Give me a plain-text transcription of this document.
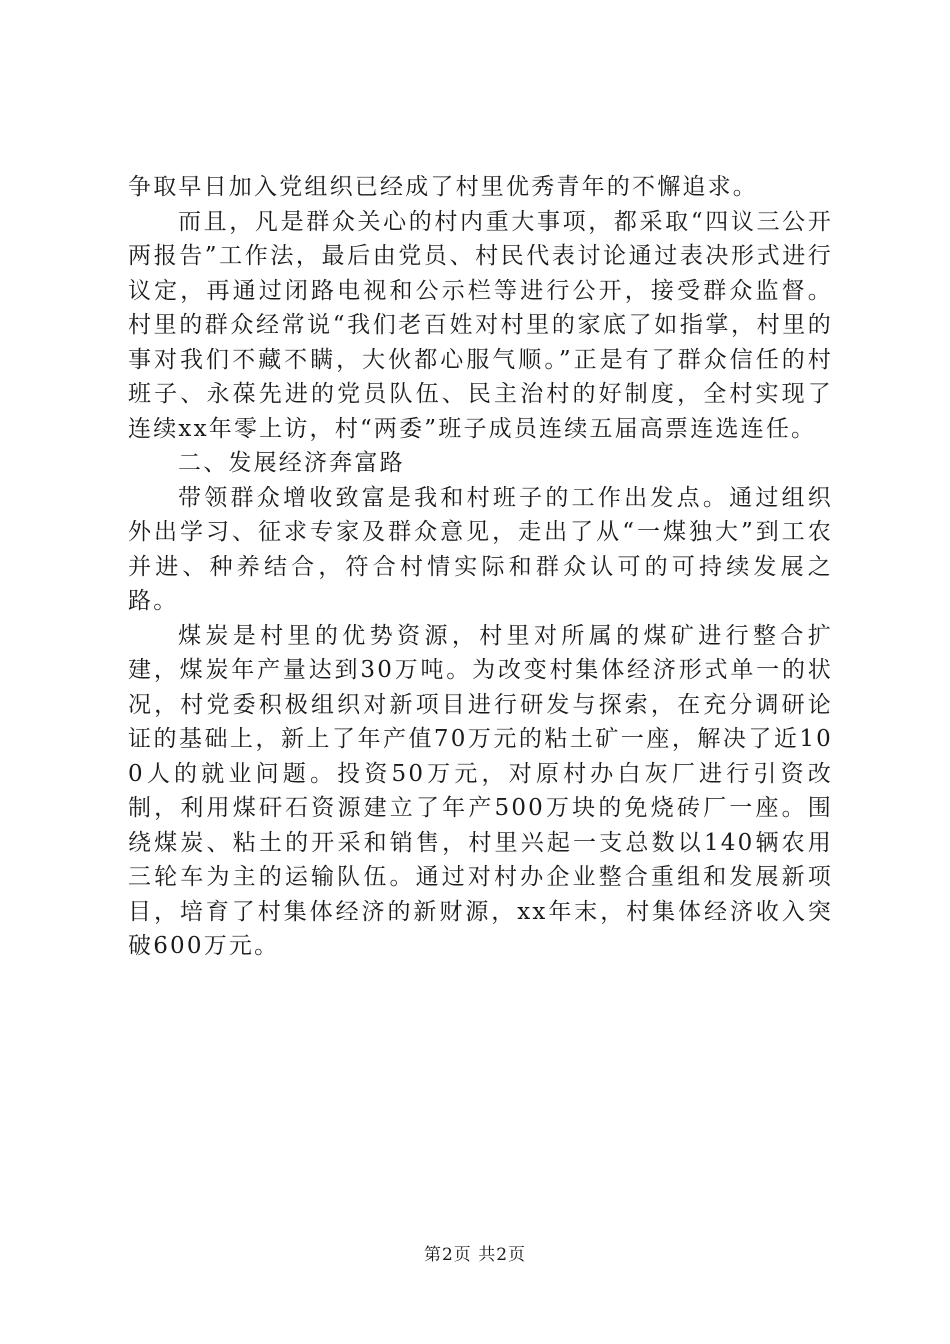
争取早日加入党组织已经成了村里优秀青年的不懈追求。

而且，凡是群众关心的村内重大事项，都采取“四议三公开两报告”工作法，最后由党员、村民代表讨论通过表决形式进行议定，再通过闭路电视和公示栏等进行公开，接受群众监督。村里的群众经常说“我们老百姓对村里的家底了如指掌，村里的事对我们不藏不瞒，大伙都心服气顺。”正是有了群众信任的村班子、永葆先进的党员队伍、民主治村的好制度，全村实现了连续xx年零上访，村“两委”班子成员连续五届高票连选连任。

二、发展经济奔富路

带领群众增收致富是我和村班子的工作出发点。通过组织外出学习、征求专家及群众意见，走出了从“一煤独大”到工农并进、种养结合，符合村情实际和群众认可的可持续发展之路。

煤炭是村里的优势资源，村里对所属的煤矿进行整合扩建，煤炭年产量达到30万吨。为改变村集体经济形式单一的状况，村党委积极组织对新项目进行研发与探索，在充分调研论证的基础上，新上了年产值70万元的粘土矿一座，解决了近100人的就业问题。投资50万元，对原村办白灰厂进行引资改制，利用煤矸石资源建立了年产500万块的免烧砖厂一座。围绕煤炭、粘土的开采和销售，村里兴起一支总数以140辆农用三轮车为主的运输队伍。通过对村办企业整合重组和发展新项目，培育了村集体经济的新财源，xx年末，村集体经济收入突破600万元。

第2页 共2页
